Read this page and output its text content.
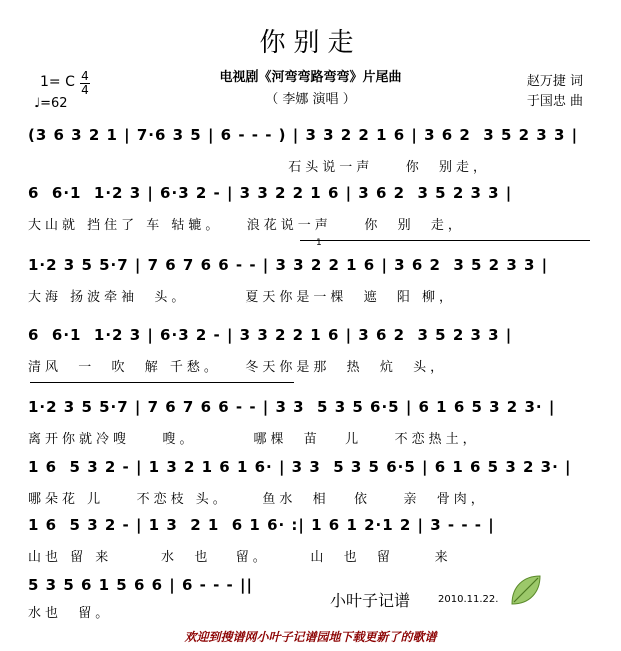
你别走
电视剧《河弯弯路弯弯》片尾曲
（ 李娜 演唱 ）
赵万捷 词
于国忠 曲
1= C 4
4
♩=62
(3 6 3 2 1 | 7·6 3 5 | 6 - - - ) | 3 3 2 2 1 6 | 3 6 2  3 5 2 3 3 |
石头说一声    你  别走，
6  6·1  1·2 3 | 6·3 2 - | 3 3 2 2 1 6 | 3 6 2  3 5 2 3 3 |
大山就 挡住了 车 轱辘。   浪花说一声    你  别  走，
1
1·2 3 5 5·7 | 7 6 7 6 6 - - | 3 3 2 2 1 6 | 3 6 2  3 5 2 3 3 |
大海 扬波牵袖  头。       夏天你是一棵  遮  阳 柳，
6  6·1  1·2 3 | 6·3 2 - | 3 3 2 2 1 6 | 3 6 2  3 5 2 3 3 |
清风  一  吹  解 千愁。   冬天你是那  热  炕  头，
1·2 3 5 5·7 | 7 6 7 6 6 - - | 3 3  5 3 5 6·5 | 6 1 6 5 3 2 3· |
离开你就冷嗖    嗖。       哪棵  苗   儿    不恋热土，
1 6  5 3 2 - | 1 3 2 1 6 1 6· | 3 3  5 3 5 6·5 | 6 1 6 5 3 2 3· |
哪朵花 儿    不恋枝 头。    鱼水  相   依    亲  骨肉，
1 6  5 3 2 - | 1 3  2 1  6 1 6· :| 1 6 1 2·1 2 | 3 - - - |
山也 留 来      水  也   留。     山  也  留     来
5 3 5 6 1 5 6 6 | 6 - - - ||
水也  留。
小叶子记谱	2010.11.22.
欢迎到搜谱网小叶子记谱园地下载更新了的歌谱
